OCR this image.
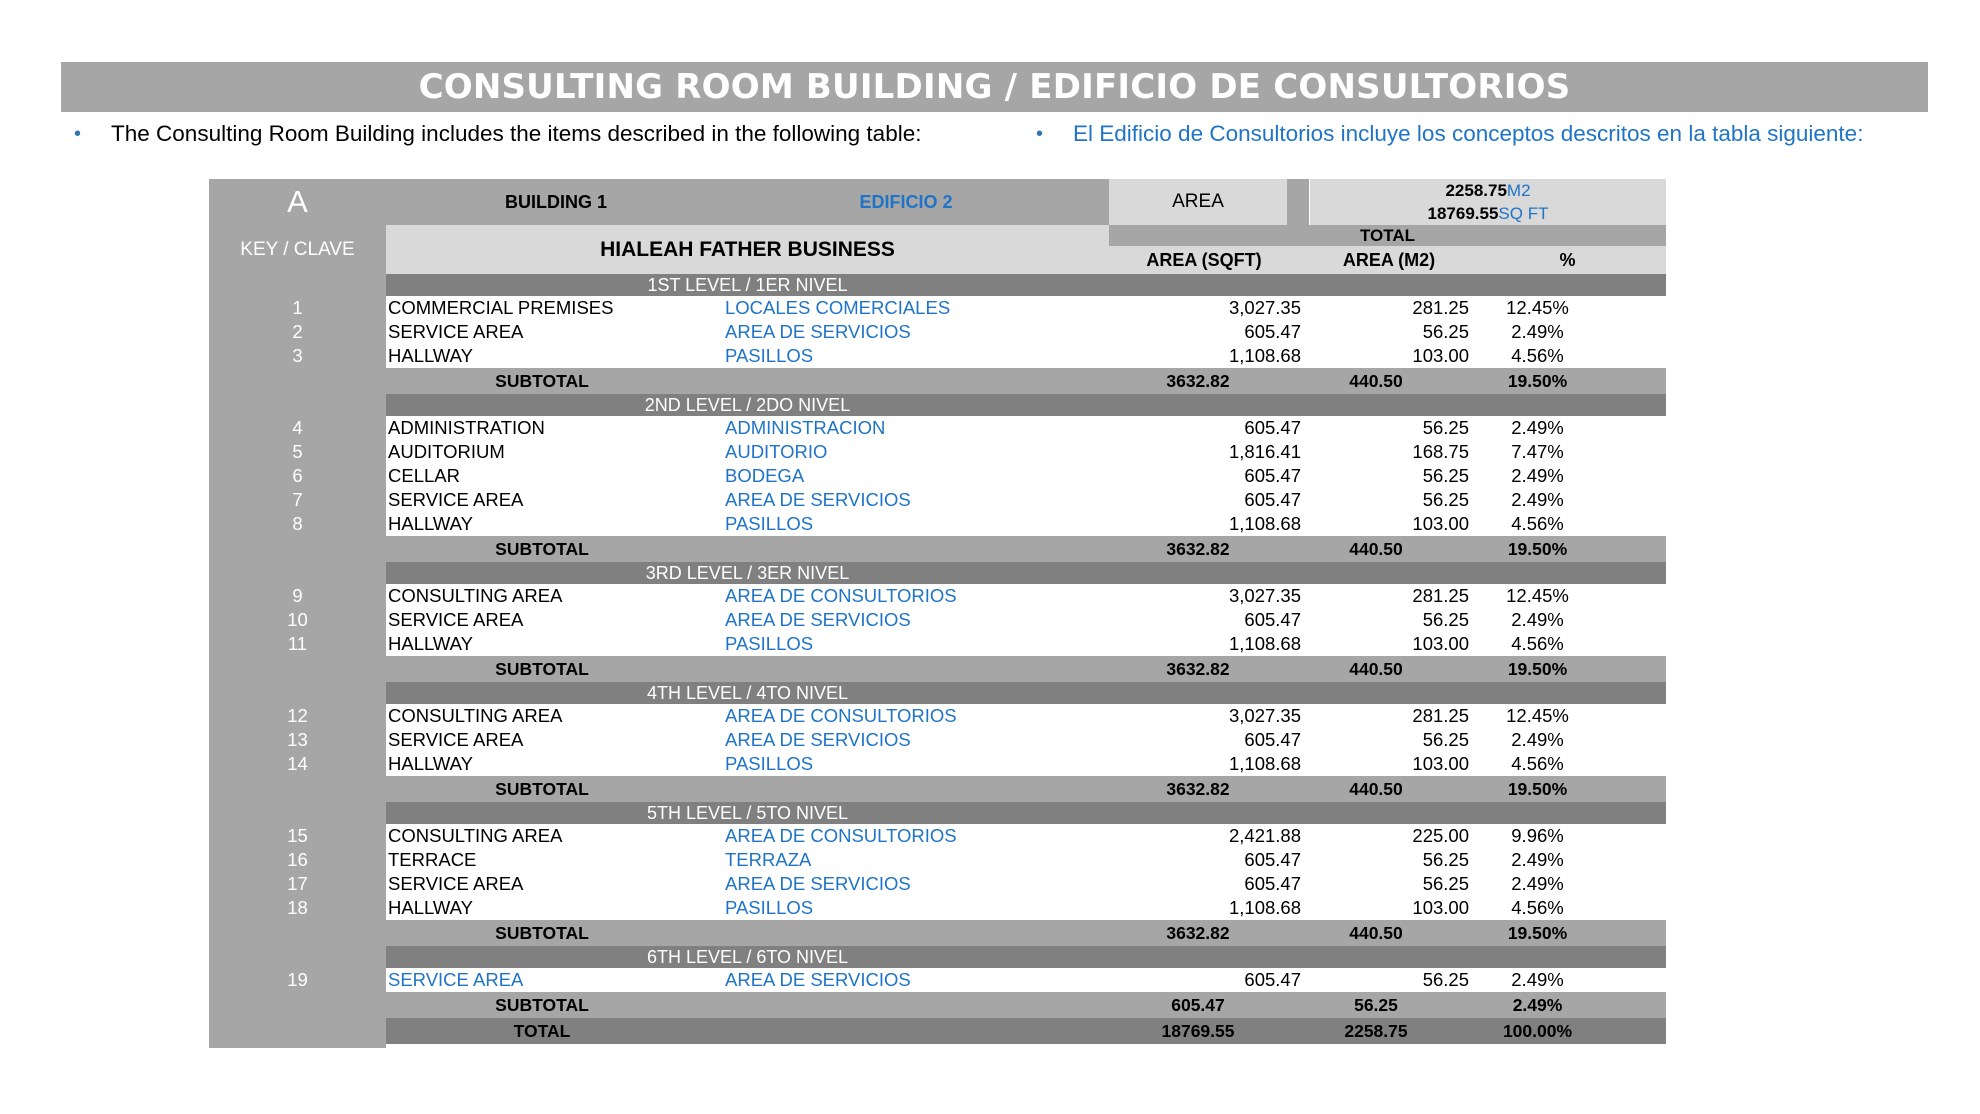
CONSULTING ROOM BUILDING / EDIFICIO DE CONSULTORIOS
• The Consulting Room Building includes the items described in the following table:	• El Edificio de Consultorios incluye los conceptos descritos en la tabla siguiente:
A
KEY / CLAVE
BUILDING 1	EDIFICIO 2	AREA
2258.75M2
18769.55SQ FT
HIALEAH FATHER BUSINESS
TOTAL
AREA (SQFT)	AREA (M2)	%
1ST LEVEL / 1ER NIVEL
1	COMMERCIAL PREMISES	LOCALES COMERCIALES	3,027.35	281.25	12.45%
2	SERVICE AREA	AREA DE SERVICIOS	605.47	56.25	2.49%
3	HALLWAY	PASILLOS	1,108.68	103.00	4.56%
SUBTOTAL	3632.82	440.50	19.50%
2ND LEVEL / 2DO NIVEL
4	ADMINISTRATION	ADMINISTRACION	605.47	56.25	2.49%
5	AUDITORIUM	AUDITORIO	1,816.41	168.75	7.47%
6	CELLAR	BODEGA	605.47	56.25	2.49%
7	SERVICE AREA	AREA DE SERVICIOS	605.47	56.25	2.49%
8	HALLWAY	PASILLOS	1,108.68	103.00	4.56%
SUBTOTAL	3632.82	440.50	19.50%
3RD LEVEL / 3ER NIVEL
9	CONSULTING AREA	AREA DE CONSULTORIOS	3,027.35	281.25	12.45%
10	SERVICE AREA	AREA DE SERVICIOS	605.47	56.25	2.49%
11	HALLWAY	PASILLOS	1,108.68	103.00	4.56%
SUBTOTAL	3632.82	440.50	19.50%
4TH LEVEL / 4TO NIVEL
12	CONSULTING AREA	AREA DE CONSULTORIOS	3,027.35	281.25	12.45%
13	SERVICE AREA	AREA DE SERVICIOS	605.47	56.25	2.49%
14	HALLWAY	PASILLOS	1,108.68	103.00	4.56%
SUBTOTAL	3632.82	440.50	19.50%
5TH LEVEL / 5TO NIVEL
15	CONSULTING AREA	AREA DE CONSULTORIOS	2,421.88	225.00	9.96%
16	TERRACE	TERRAZA	605.47	56.25	2.49%
17	SERVICE AREA	AREA DE SERVICIOS	605.47	56.25	2.49%
18	HALLWAY	PASILLOS	1,108.68	103.00	4.56%
SUBTOTAL	3632.82	440.50	19.50%
6TH LEVEL / 6TO NIVEL
19	SERVICE AREA	AREA DE SERVICIOS	605.47	56.25	2.49%
SUBTOTAL	605.47	56.25	2.49%
TOTAL	18769.55	2258.75	100.00%
